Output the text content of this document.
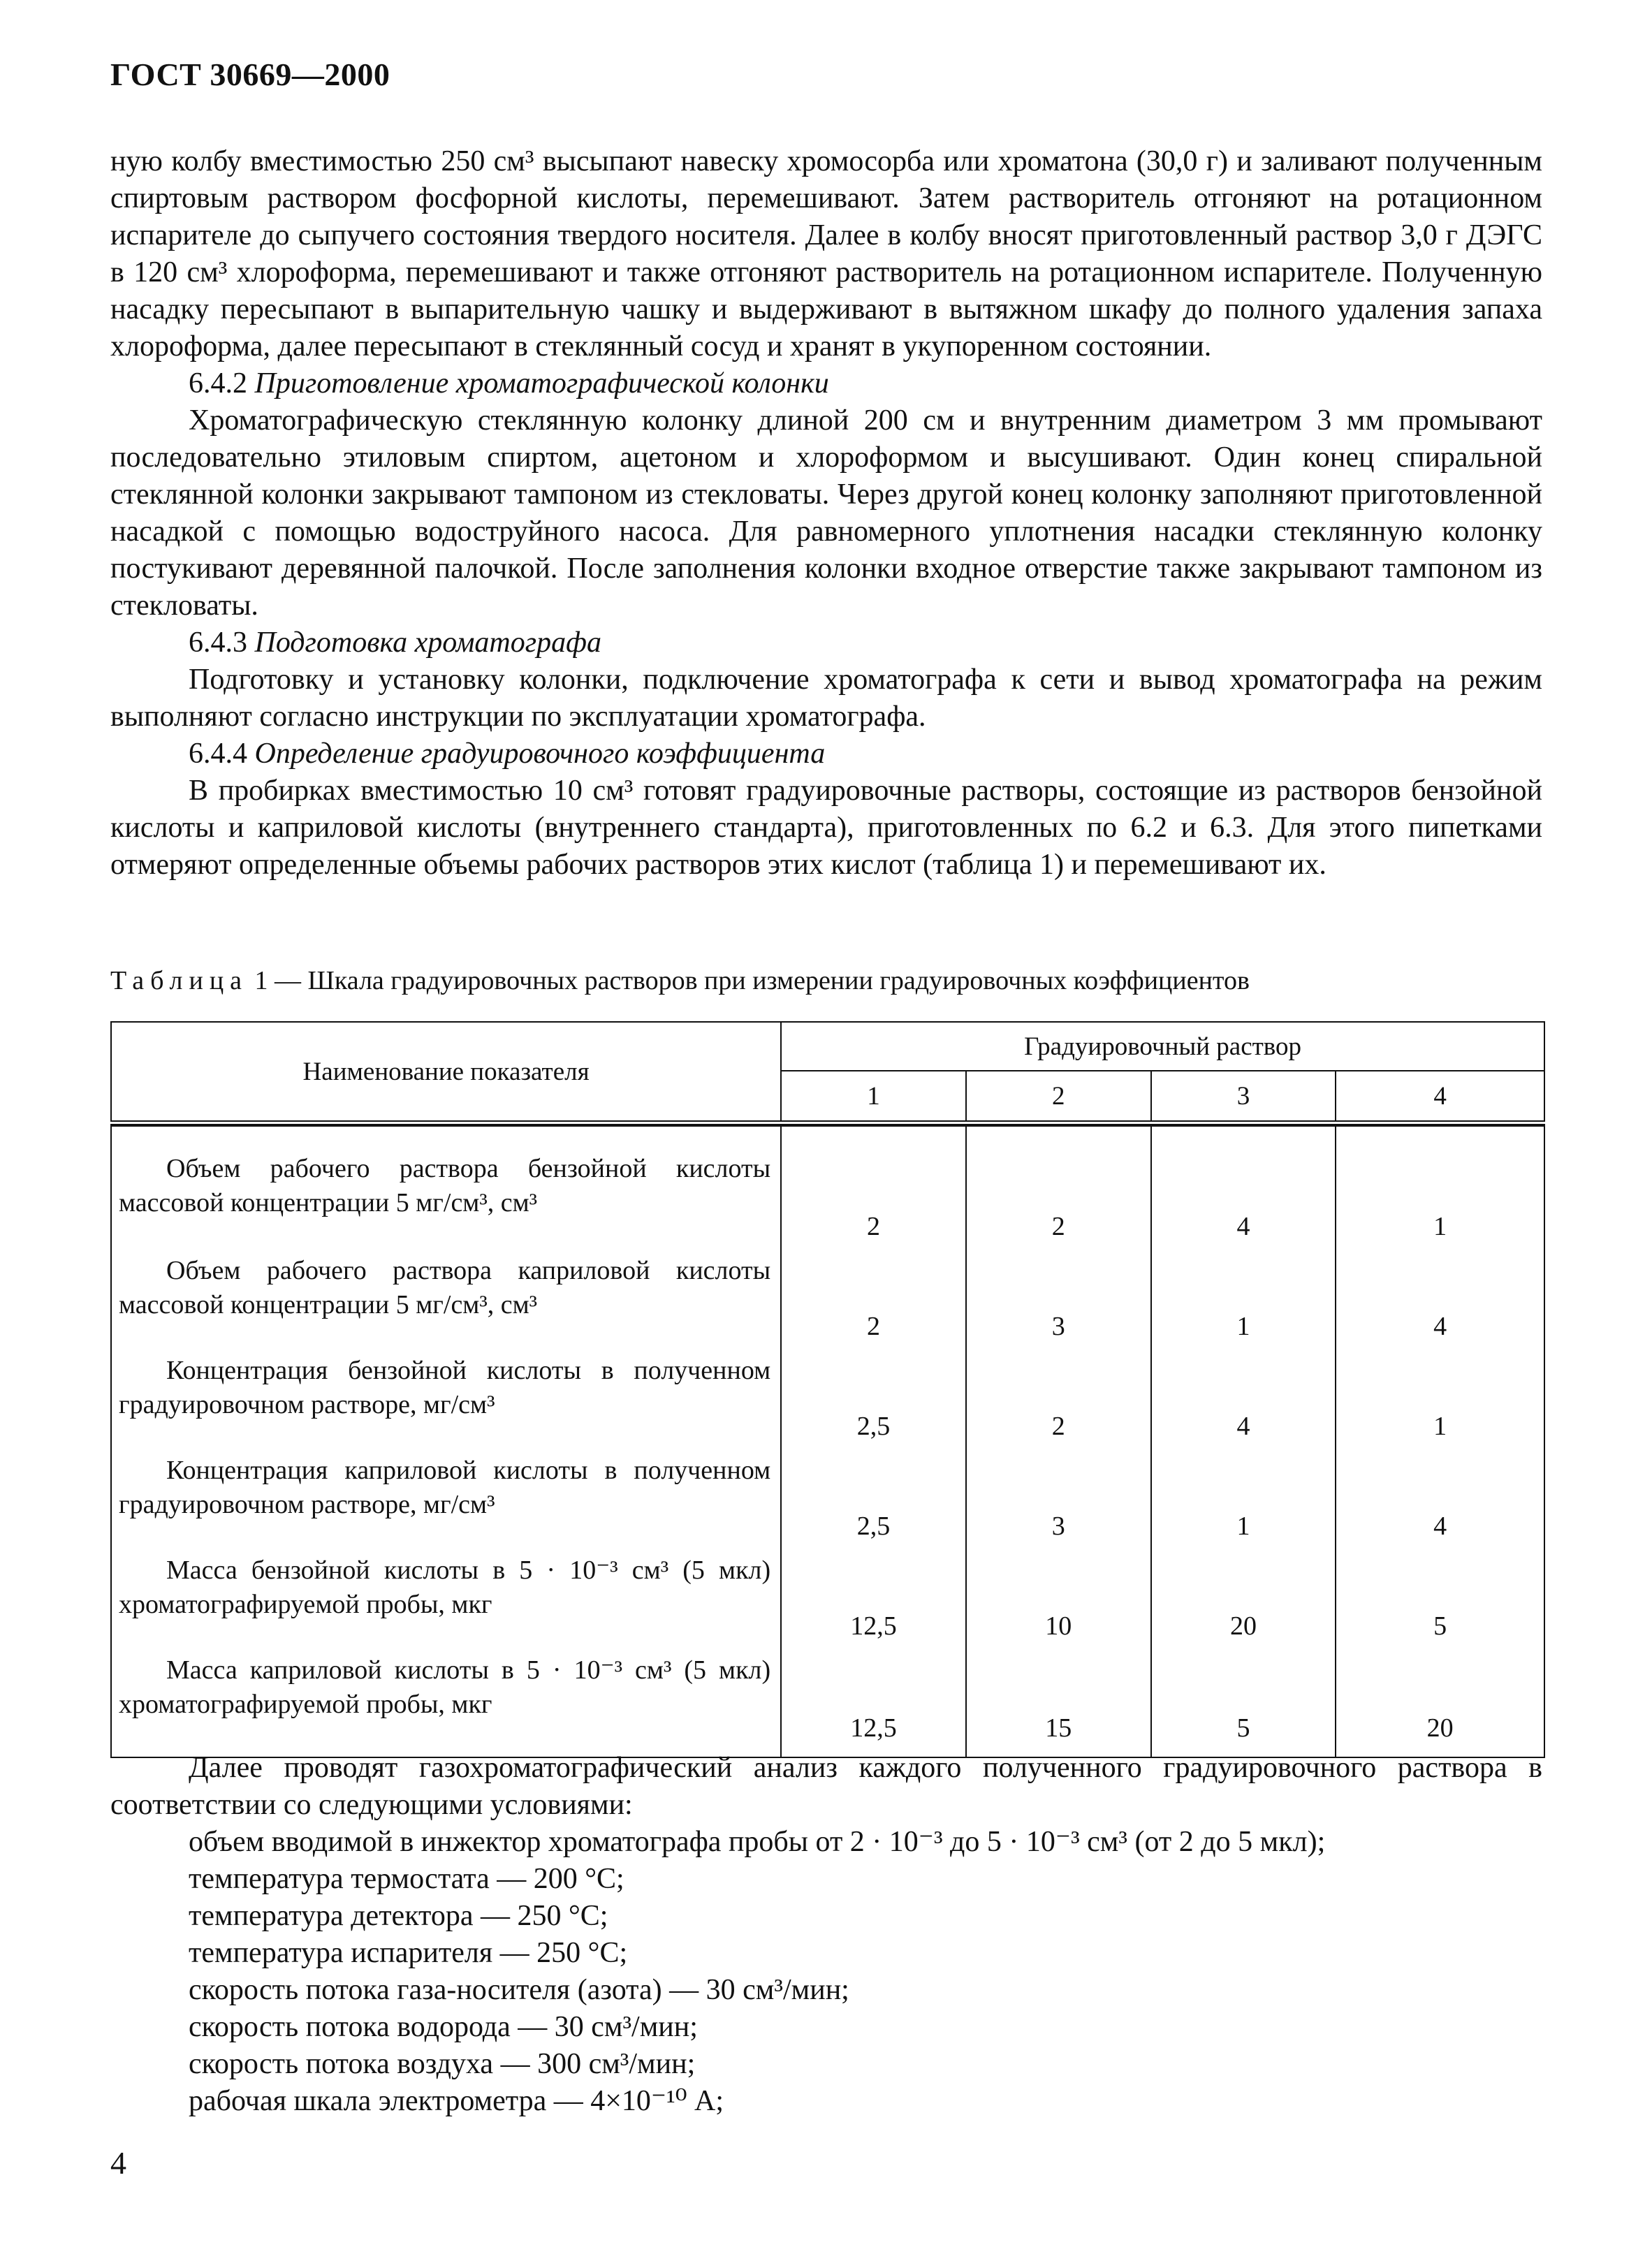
ГОСТ 30669—2000

ную колбу вместимостью 250 см³ высыпают навеску хромосорба или хроматона (30,0 г) и заливают полученным спиртовым раствором фосфорной кислоты, перемешивают. Затем растворитель отгоняют на ротационном испарителе до сыпучего состояния твердого носителя. Далее в колбу вносят приготовленный раствор 3,0 г ДЭГС в 120 см³ хлороформа, перемешивают и также отгоняют растворитель на ротационном испарителе. Полученную насадку пересыпают в выпарительную чашку и выдерживают в вытяжном шкафу до полного удаления запаха хлороформа, далее пересыпают в стеклянный сосуд и хранят в укупоренном состоянии.

6.4.2 Приготовление хроматографической колонки

Хроматографическую стеклянную колонку длиной 200 см и внутренним диаметром 3 мм промывают последовательно этиловым спиртом, ацетоном и хлороформом и высушивают. Один конец спиральной стеклянной колонки закрывают тампоном из стекловаты. Через другой конец колонку заполняют приготовленной насадкой с помощью водоструйного насоса. Для равномерного уплотнения насадки стеклянную колонку постукивают деревянной палочкой. После заполнения колонки входное отверстие также закрывают тампоном из стекловаты.

6.4.3 Подготовка хроматографа

Подготовку и установку колонки, подключение хроматографа к сети и вывод хроматографа на режим выполняют согласно инструкции по эксплуатации хроматографа.

6.4.4 Определение градуировочного коэффициента

В пробирках вместимостью 10 см³ готовят градуировочные растворы, состоящие из растворов бензойной кислоты и каприловой кислоты (внутреннего стандарта), приготовленных по 6.2 и 6.3. Для этого пипетками отмеряют определенные объемы рабочих растворов этих кислот (таблица 1) и перемешивают их.

Таблица 1 — Шкала градуировочных растворов при измерении градуировочных коэффициентов
Наименование показателя	Градуировочный раствор			
	1	2	3	4

Объем рабочего раствора бензойной кислоты массовой концентрации 5 мг/см³, см³	2	2	4	1

Объем рабочего раствора каприловой кислоты массовой концентрации 5 мг/см³, см³	2	3	1	4

Концентрация бензойной кислоты в полученном градуировочном растворе, мг/см³	2,5	2	4	1

Концентрация каприловой кислоты в полученном градуировочном растворе, мг/см³	2,5	3	1	4

Масса бензойной кислоты в 5 · 10⁻³ см³ (5 мкл) хроматографируемой пробы, мкг	12,5	10	20	5

Масса каприловой кислоты в 5 · 10⁻³ см³ (5 мкл) хроматографируемой пробы, мкг	12,5	15	5	20

Далее проводят газохроматографический анализ каждого полученного градуировочного раствора в соответствии со следующими условиями:

объем вводимой в инжектор хроматографа пробы от 2 · 10⁻³ до 5 · 10⁻³ см³ (от 2 до 5 мкл);

температура термостата — 200 °С;

температура детектора — 250 °С;

температура испарителя — 250 °С;

скорость потока газа-носителя (азота) — 30 см³/мин;

скорость потока водорода — 30 см³/мин;

скорость потока воздуха — 300 см³/мин;

рабочая шкала электрометра — 4×10⁻¹⁰ А;

4
